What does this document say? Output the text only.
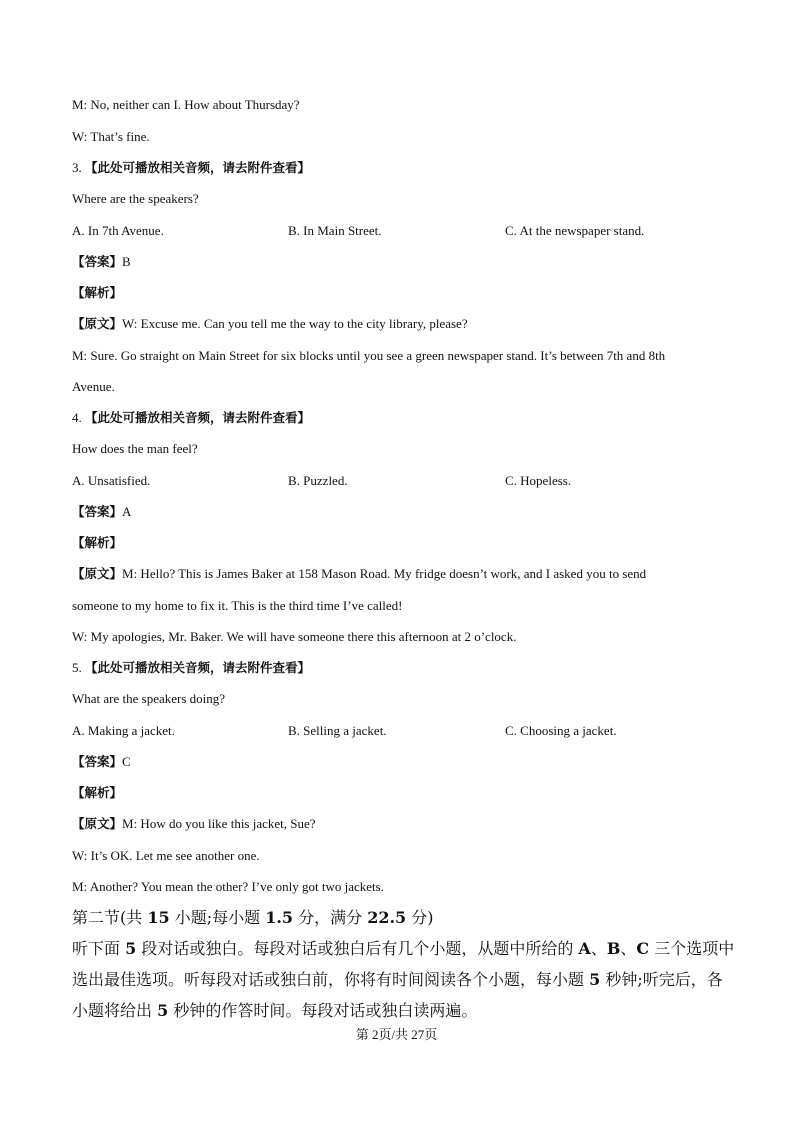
M: No, neither can I. How about Thursday?
W: That’s fine.
3. 【此处可播放相关音频，请去附件查看】
Where are the speakers?
A. In 7th Avenue.	B. In Main Street.	C. At the newspaper stand.
【答案】B
【解析】
【原文】W: Excuse me. Can you tell me the way to the city library, please?
M: Sure. Go straight on Main Street for six blocks until you see a green newspaper stand. It’s between 7th and 8th
Avenue.
4. 【此处可播放相关音频，请去附件查看】
How does the man feel?
A. Unsatisfied.	B. Puzzled.	C. Hopeless.
【答案】A
【解析】
【原文】M: Hello? This is James Baker at 158 Mason Road. My fridge doesn’t work, and I asked you to send
someone to my home to fix it. This is the third time I’ve called!
W: My apologies, Mr. Baker. We will have someone there this afternoon at 2 o’clock.
5. 【此处可播放相关音频，请去附件查看】
What are the speakers doing?
A. Making a jacket.	B. Selling a jacket.	C. Choosing a jacket.
【答案】C
【解析】
【原文】M: How do you like this jacket, Sue?
W: It’s OK. Let me see another one.
M: Another? You mean the other? I’ve only got two jackets.
第二节(共 15 小题;每小题 1.5 分，满分 22.5 分)
听下面 5 段对话或独白。每段对话或独白后有几个小题，从题中所给的 A、B、C 三个选项中
选出最佳选项。听每段对话或独白前，你将有时间阅读各个小题，每小题 5 秒钟;听完后，各
小题将给出 5 秒钟的作答时间。每段对话或独白读两遍。
第 2页/共 27页
